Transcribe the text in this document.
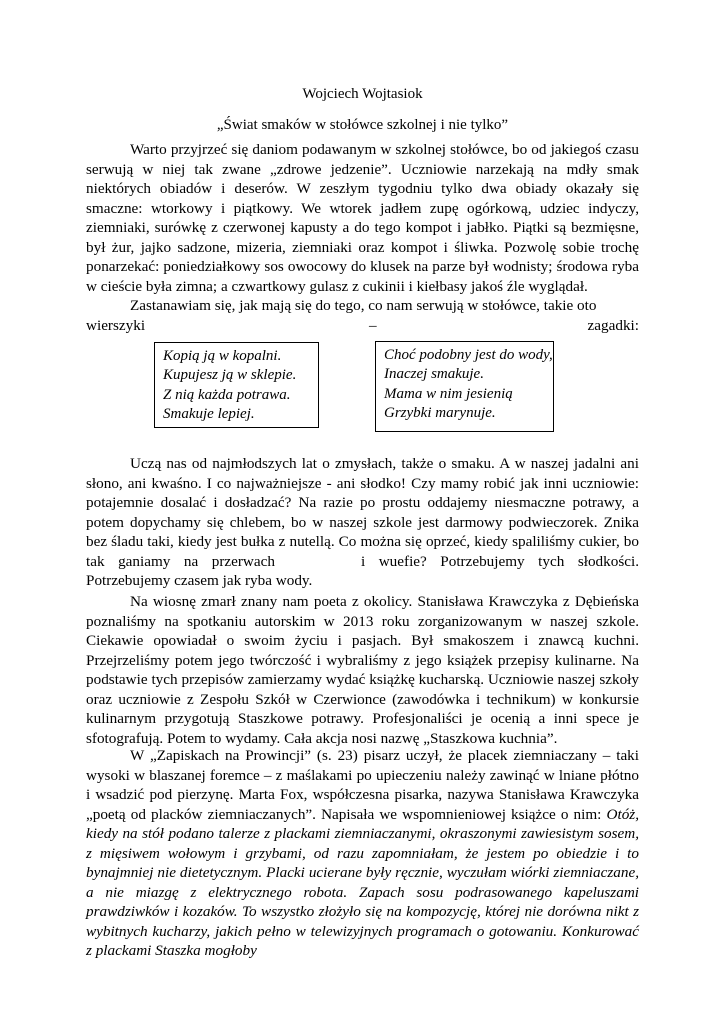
Wojciech Wojtasiok
„Świat smaków w stołówce szkolnej i nie tylko”

Warto przyjrzeć się daniom podawanym w szkolnej stołówce, bo od jakiegoś czasu serwują w niej tak zwane „zdrowe jedzenie”. Uczniowie narzekają na mdły smak niektórych obiadów i deserów. W zeszłym tygodniu tylko dwa obiady okazały się smaczne: wtorkowy i piątkowy. We wtorek jadłem zupę ogórkową, udziec indyczy, ziemniaki, surówkę z czerwonej kapusty a do tego kompot i jabłko. Piątki są bezmięsne, był żur, jajko sadzone, mizeria, ziemniaki oraz kompot i śliwka. Pozwolę sobie trochę ponarzekać: poniedziałkowy sos owocowy do klusek na parze był wodnisty; środowa ryba w cieście była zimna; a czwartkowy gulasz z cukinii i kiełbasy jakoś źle wyglądał.

Zastanawiam się, jak mają się do tego, co nam serwują w stołówce, takie oto

wierszyki	–	zagadki:
Kopią ją w kopalni.
Kupujesz ją w sklepie.
Z nią każda potrawa.
Smakuje lepiej.
Choć podobny jest do wody,
Inaczej smakuje.
Mama w nim jesienią
Grzybki marynuje.

Uczą nas od najmłodszych lat o zmysłach, także o smaku. A w naszej jadalni ani słono, ani kwaśno. I co najważniejsze - ani słodko! Czy mamy robić jak inni uczniowie: potajemnie dosalać i dosładzać? Na razie po prostu oddajemy niesmaczne potrawy, a potem dopychamy się chlebem, bo w naszej szkole jest darmowy podwieczorek. Znika bez śladu taki, kiedy jest bułka z nutellą. Co można się oprzeć, kiedy spaliliśmy cukier, bo tak ganiamy na przerwach	i wuefie? Potrzebujemy tych słodkości. Potrzebujemy czasem jak ryba wody.

Na wiosnę zmarł znany nam poeta z okolicy. Stanisława Krawczyka z Dębieńska poznaliśmy na spotkaniu autorskim w 2013 roku zorganizowanym w naszej szkole. Ciekawie opowiadał o swoim życiu i pasjach. Był smakoszem i znawcą kuchni. Przejrzeliśmy potem jego twórczość i wybraliśmy z jego książek przepisy kulinarne. Na podstawie tych przepisów zamierzamy wydać książkę kucharską. Uczniowie naszej szkoły oraz uczniowie z Zespołu Szkół w Czerwionce (zawodówka i technikum) w konkursie kulinarnym przygotują Staszkowe potrawy. Profesjonaliści je ocenią a inni spece je sfotografują. Potem to wydamy. Cała akcja nosi nazwę „Staszkowa kuchnia”.

W „Zapiskach na Prowincji” (s. 23) pisarz uczył, że placek ziemniaczany – taki wysoki w blaszanej foremce – z maślakami po upieczeniu należy zawinąć w lniane płótno i wsadzić pod pierzynę. Marta Fox, współczesna pisarka, nazywa Stanisława Krawczyka „poetą od placków ziemniaczanych”. Napisała we wspomnieniowej książce o nim: Otóż, kiedy na stół podano talerze z plackami ziemniaczanymi, okraszonymi zawiesistym sosem, z mięsiwem wołowym i grzybami, od razu zapomniałam, że jestem po obiedzie i to bynajmniej nie dietetycznym. Placki ucierane były ręcznie, wyczułam wiórki ziemniaczane, a nie miazgę z elektrycznego robota. Zapach sosu podrasowanego kapeluszami prawdziwków i kozaków. To wszystko złożyło się na kompozycję, której nie dorówna nikt z wybitnych kucharzy, jakich pełno w telewizyjnych programach o gotowaniu. Konkurować z plackami Staszka mogłoby
